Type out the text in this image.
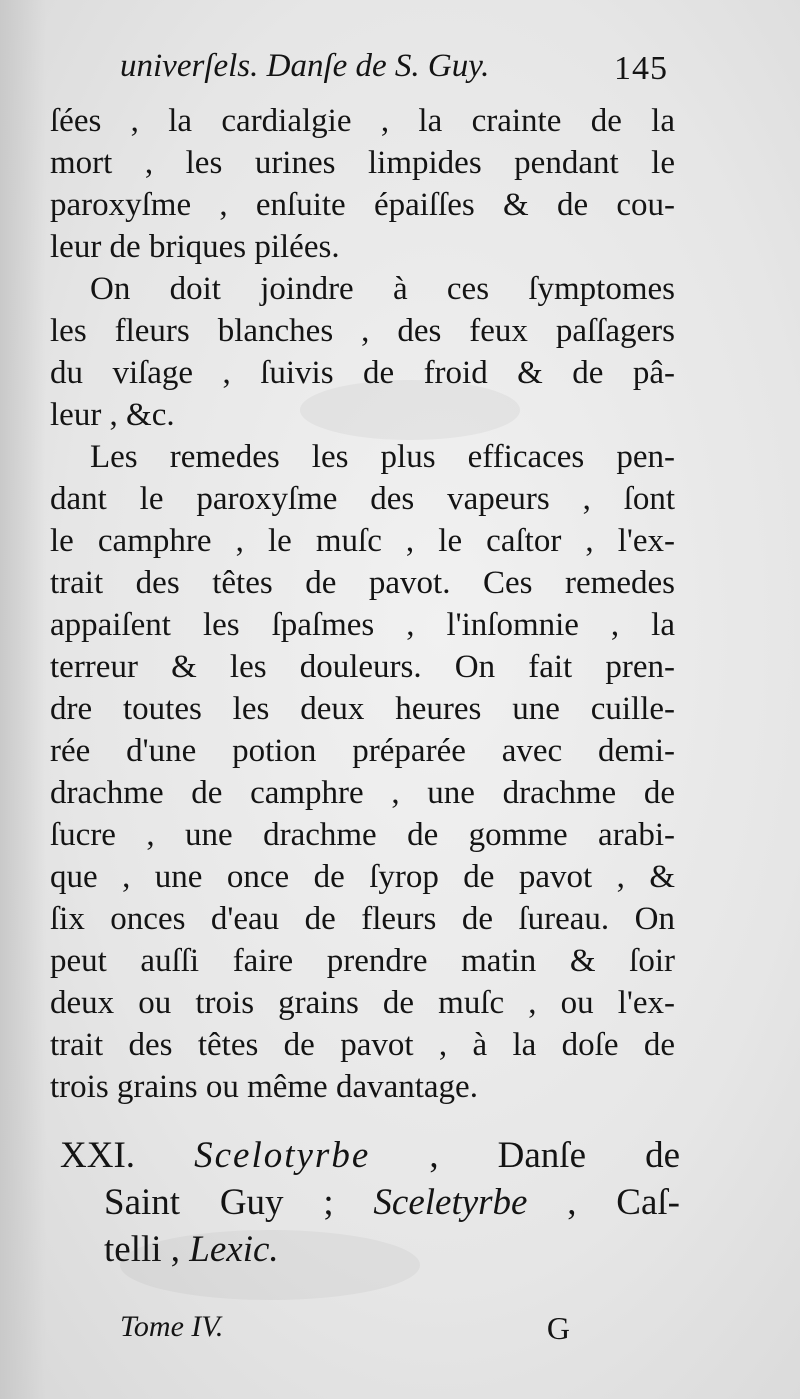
univerſels. Danſe de S. Guy.	145
ſées , la cardialgie , la crainte de la
mort , les urines limpides pendant le
paroxyſme , enſuite épaiſſes & de cou-
leur de briques pilées.
On doit joindre à ces ſymptomes
les fleurs blanches , des feux paſſagers
du viſage , ſuivis de froid & de pâ-
leur , &c.
Les remedes les plus efficaces pen-
dant le paroxyſme des vapeurs , ſont
le camphre , le muſc , le caſtor , l'ex-
trait des têtes de pavot. Ces remedes
appaiſent les ſpaſmes , l'inſomnie , la
terreur & les douleurs. On fait pren-
dre toutes les deux heures une cuille-
rée d'une potion préparée avec demi-
drachme de camphre , une drachme de
ſucre , une drachme de gomme arabi-
que , une once de ſyrop de pavot , &
ſix onces d'eau de fleurs de ſureau. On
peut auſſi faire prendre matin & ſoir
deux ou trois grains de muſc , ou l'ex-
trait des têtes de pavot , à la doſe de
trois grains ou même davantage.
XXI. Scelotyrbe , Danſe de
Saint Guy ; Sceletyrbe , Caſ-
telli , Lexic.
Tome IV.	G
